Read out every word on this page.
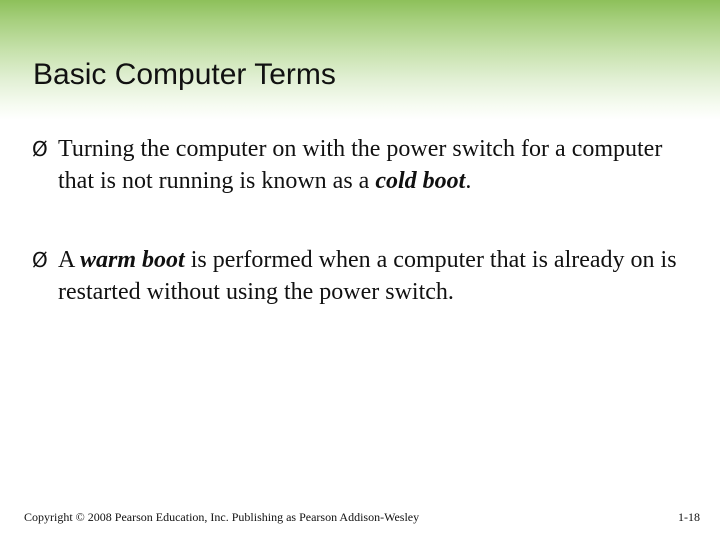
Basic Computer Terms
Ø Turning the computer on with the power switch for a computer that is not running is known as a cold boot.
Ø A warm boot is performed when a computer that is already on is restarted without using the power switch.
Copyright © 2008 Pearson Education, Inc. Publishing as Pearson Addison-Wesley	1-18
